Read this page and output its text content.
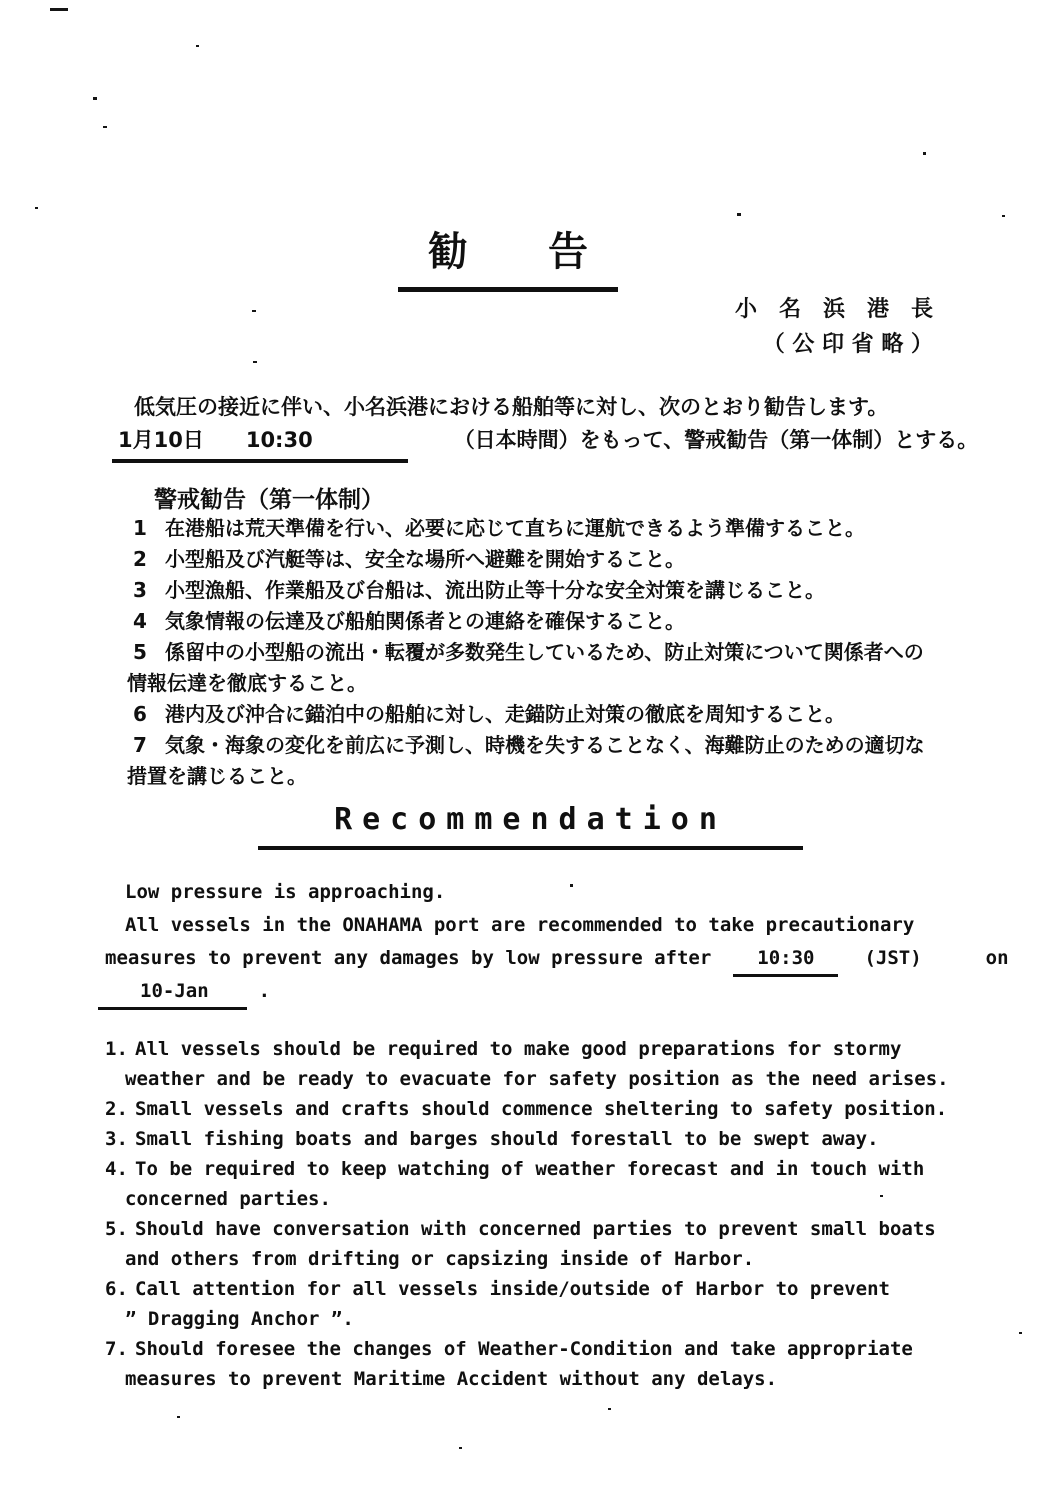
勧　　告
小　名　浜　港　長
（ 公 印 省 略 ）

低気圧の接近に伴い、小名浜港における船舶等に対し、次のとおり勧告します。

1月10日　　10:30	（日本時間）をもって、警戒勧告（第一体制）とする。

警戒勧告（第一体制）
1 在港船は荒天準備を行い、必要に応じて直ちに運航できるよう準備すること。
2 小型船及び汽艇等は、安全な場所へ避難を開始すること。
3 小型漁船、作業船及び台船は、流出防止等十分な安全対策を講じること。
4 気象情報の伝達及び船舶関係者との連絡を確保すること。
5 係留中の小型船の流出・転覆が多数発生しているため、防止対策について関係者への
情報伝達を徹底すること。
6 港内及び沖合に錨泊中の船舶に対し、走錨防止対策の徹底を周知すること。
7 気象・海象の変化を前広に予測し、時機を失することなく、海難防止のための適切な
措置を講じること。
Recommendation
Low pressure is approaching.
All vessels in the ONAHAMA port are recommended to take precautionary
measures to prevent any damages by low pressure after 10:30	(JST)	on
10-Jan	.
1. All vessels should be required to make good preparations for stormy
weather and be ready to evacuate for safety position as the need arises.
2. Small vessels and crafts should commence sheltering to safety position.
3. Small fishing boats and barges should forestall to be swept away.
4. To be required to keep watching of weather forecast and in touch with
concerned parties.
5. Should have conversation with concerned parties to prevent small boats
and others from drifting or capsizing inside of Harbor.
6. Call attention for all vessels inside/outside of Harbor to prevent
” Dragging Anchor ”.
7. Should foresee the changes of Weather-Condition and take appropriate
measures to prevent Maritime Accident without any delays.
